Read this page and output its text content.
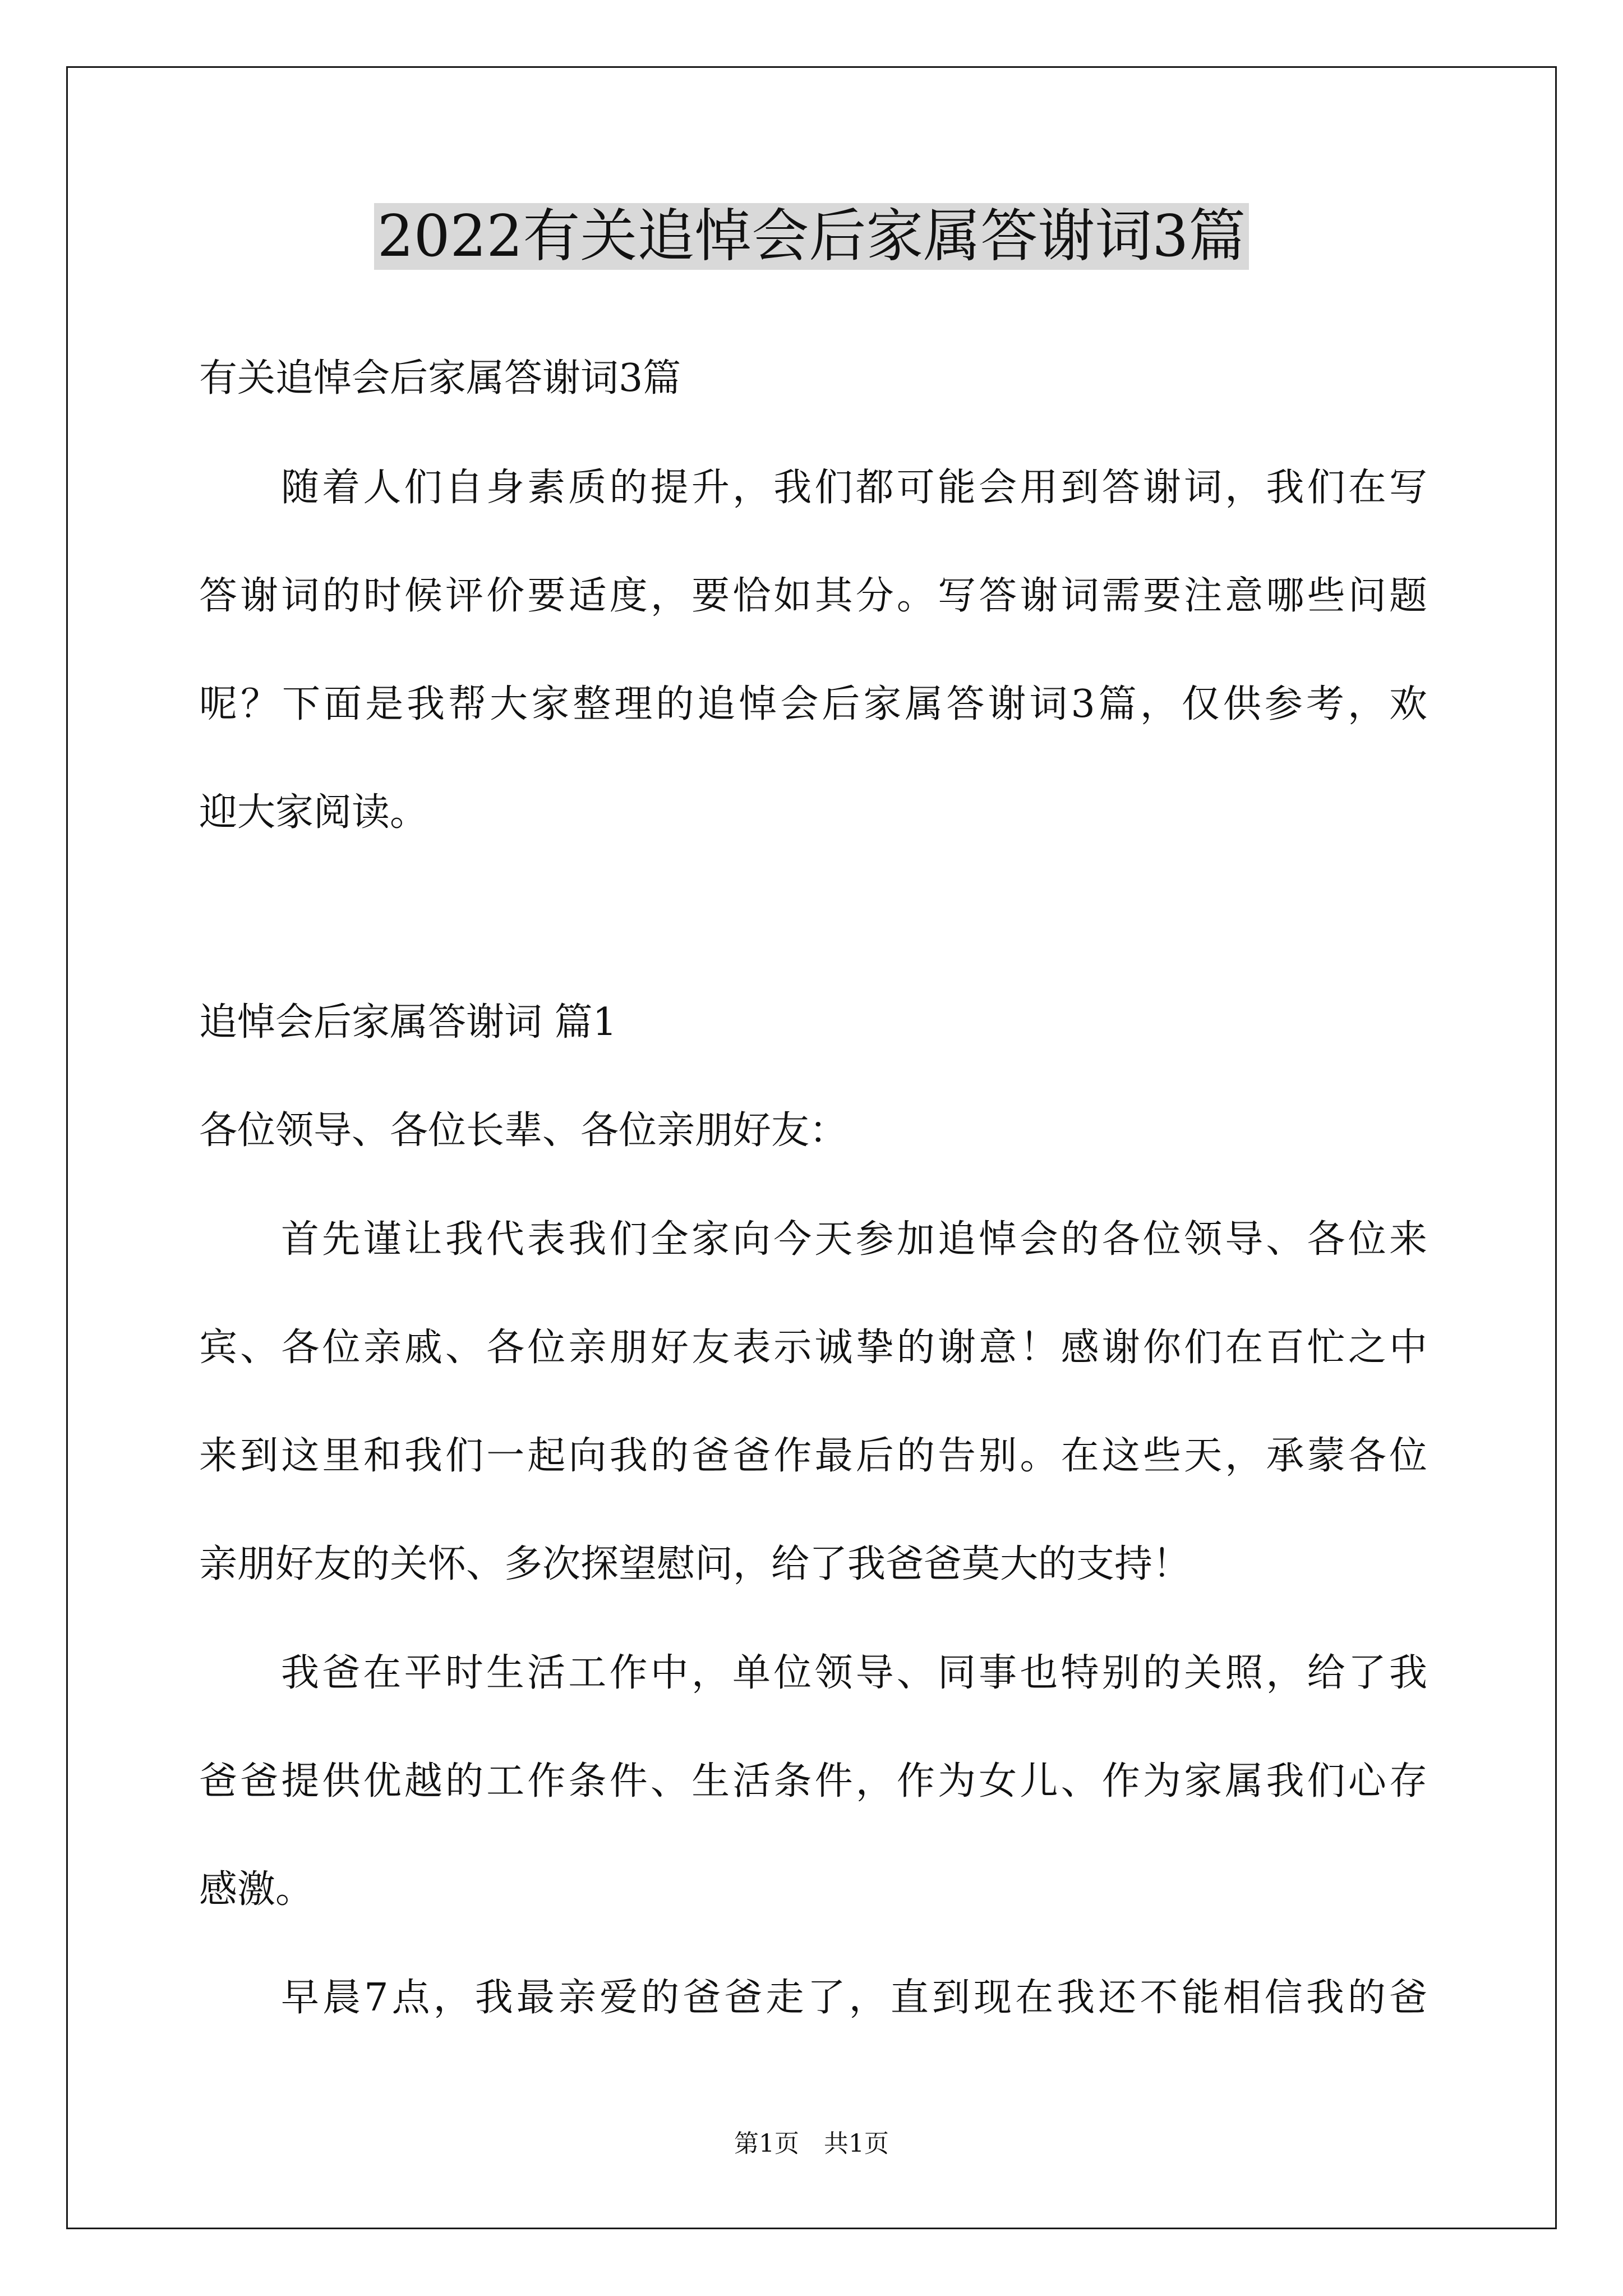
2022有关追悼会后家属答谢词3篇
有关追悼会后家属答谢词3篇
随着人们自身素质的提升，我们都可能会用到答谢词，我们在写
答谢词的时候评价要适度，要恰如其分。写答谢词需要注意哪些问题
呢？下面是我帮大家整理的追悼会后家属答谢词3篇，仅供参考，欢
迎大家阅读。
追悼会后家属答谢词 篇1
各位领导、各位长辈、各位亲朋好友：
首先谨让我代表我们全家向今天参加追悼会的各位领导、各位来
宾、各位亲戚、各位亲朋好友表示诚挚的谢意！感谢你们在百忙之中
来到这里和我们一起向我的爸爸作最后的告别。在这些天，承蒙各位
亲朋好友的关怀、多次探望慰问，给了我爸爸莫大的支持！
我爸在平时生活工作中，单位领导、同事也特别的关照，给了我
爸爸提供优越的工作条件、生活条件，作为女儿、作为家属我们心存
感激。
早晨7点，我最亲爱的爸爸走了，直到现在我还不能相信我的爸
第1页　共1页
